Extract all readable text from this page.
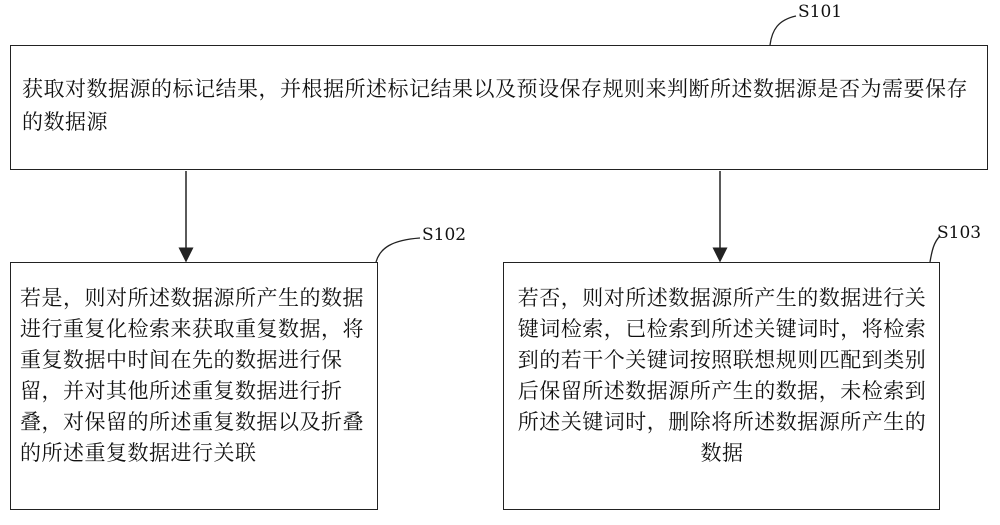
获取对数据源的标记结果，并根据所述标记结果以及预设保存规则来判断所述数据源是否为需要保存的数据源

若是，则对所述数据源所产生的数据进行重复化检索来获取重复数据，将重复数据中时间在先的数据进行保留，并对其他所述重复数据进行折叠，对保留的所述重复数据以及折叠的所述重复数据进行关联

若否，则对所述数据源所产生的数据进行关键词检索，已检索到所述关键词时，将检索到的若干个关键词按照联想规则匹配到类别后保留所述数据源所产生的数据，未检索到所述关键词时，删除将所述数据源所产生的数据

S101
S102	S103
